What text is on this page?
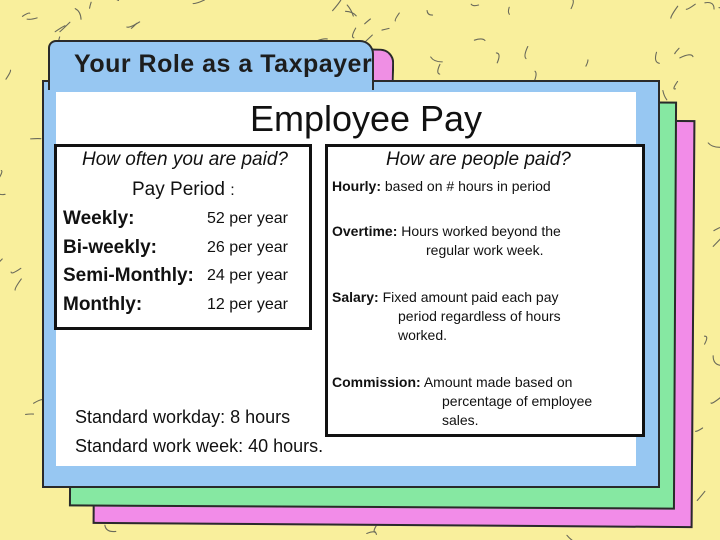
Your Role as a Taxpayer
Employee Pay
How often you are paid?
Pay Period :
Weekly:	52 per year
Bi-weekly:	26 per year
Semi-Monthly: 24 per year
Monthly:	12 per year
How are people paid?
Hourly: based on # hours in period
Overtime: Hours worked beyond the
regular work week.
Salary: Fixed amount paid each pay
period regardless of hours
worked.
Commission: Amount made based on
percentage of employee
sales.
Standard workday: 8 hours
Standard work week: 40 hours.
